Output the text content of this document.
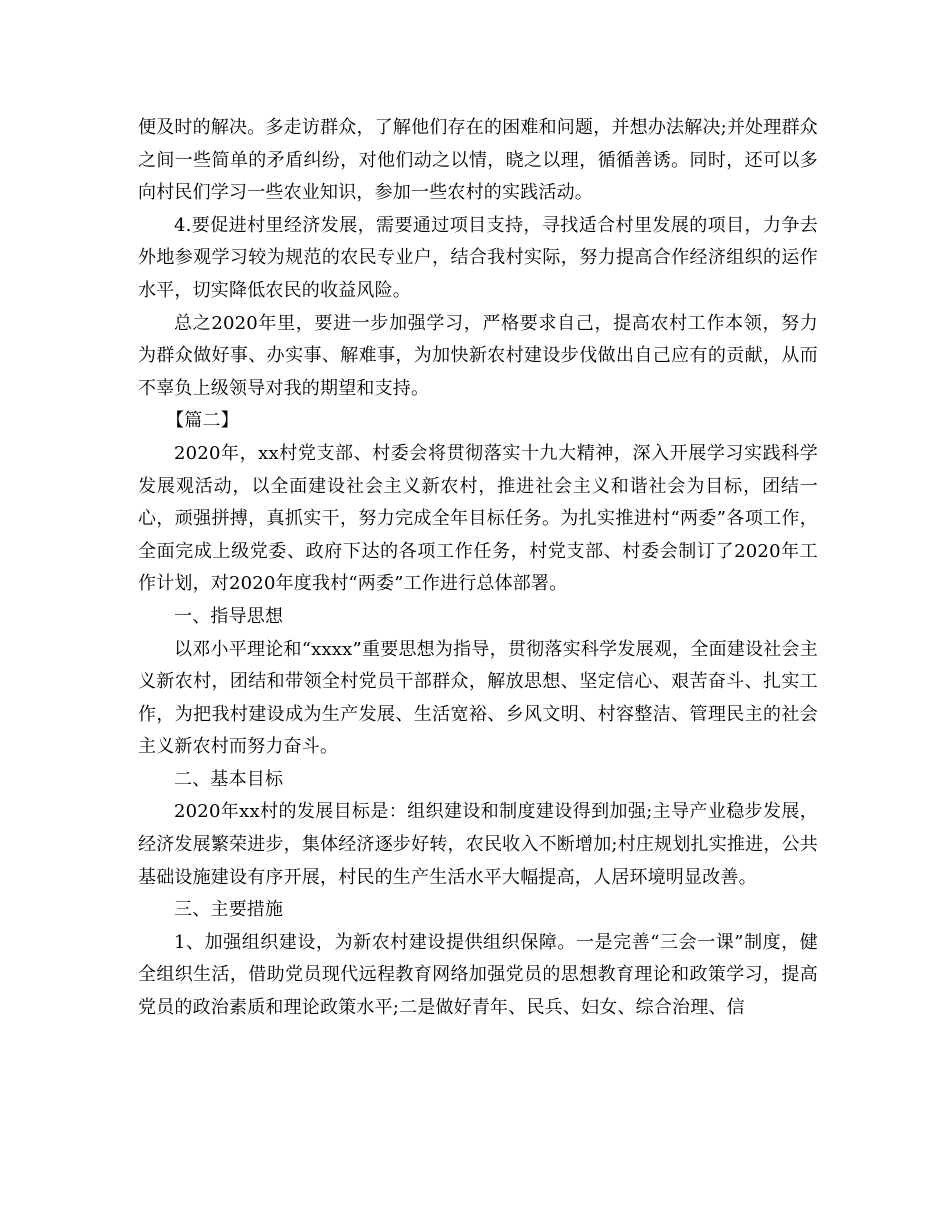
便及时的解决。多走访群众，了解他们存在的困难和问题，并想办法解决;并处理群众之间一些简单的矛盾纠纷，对他们动之以情，晓之以理，循循善诱。同时，还可以多向村民们学习一些农业知识，参加一些农村的实践活动。

4.要促进村里经济发展，需要通过项目支持，寻找适合村里发展的项目，力争去外地参观学习较为规范的农民专业户，结合我村实际，努力提高合作经济组织的运作水平，切实降低农民的收益风险。

总之2020年里，要进一步加强学习，严格要求自己，提高农村工作本领，努力为群众做好事、办实事、解难事，为加快新农村建设步伐做出自己应有的贡献，从而不辜负上级领导对我的期望和支持。

【篇二】

2020年，xx村党支部、村委会将贯彻落实十九大精神，深入开展学习实践科学发展观活动，以全面建设社会主义新农村，推进社会主义和谐社会为目标，团结一心，顽强拼搏，真抓实干，努力完成全年目标任务。为扎实推进村“两委”各项工作，全面完成上级党委、政府下达的各项工作任务，村党支部、村委会制订了2020年工作计划，对2020年度我村“两委”工作进行总体部署。

一、指导思想

以邓小平理论和“xxxx”重要思想为指导，贯彻落实科学发展观，全面建设社会主义新农村，团结和带领全村党员干部群众，解放思想、坚定信心、艰苦奋斗、扎实工作，为把我村建设成为生产发展、生活宽裕、乡风文明、村容整洁、管理民主的社会主义新农村而努力奋斗。

二、基本目标

2020年xx村的发展目标是：组织建设和制度建设得到加强;主导产业稳步发展，经济发展繁荣进步，集体经济逐步好转，农民收入不断增加;村庄规划扎实推进，公共基础设施建设有序开展，村民的生产生活水平大幅提高，人居环境明显改善。

三、主要措施

1、加强组织建设，为新农村建设提供组织保障。一是完善“三会一课”制度，健全组织生活，借助党员现代远程教育网络加强党员的思想教育理论和政策学习，提高党员的政治素质和理论政策水平;二是做好青年、民兵、妇女、综合治理、信
